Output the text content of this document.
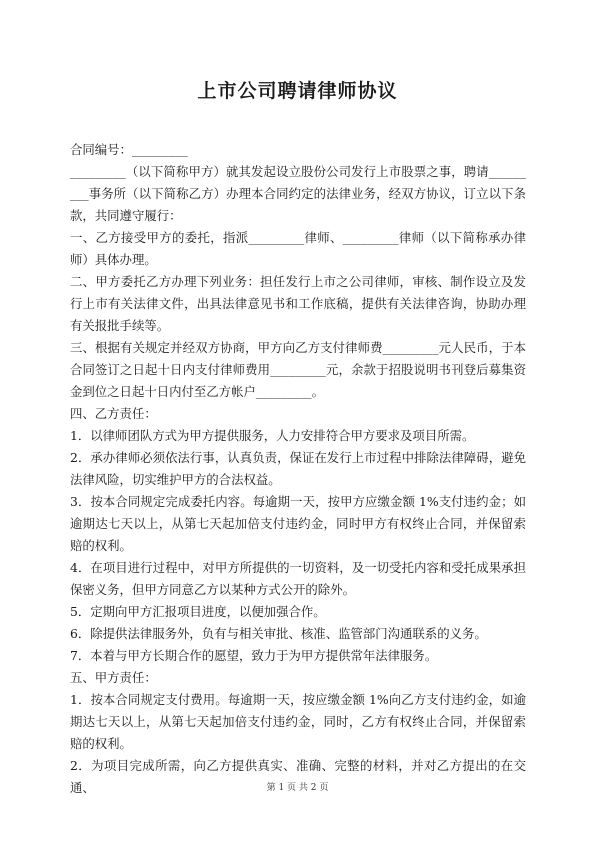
上市公司聘请律师协议

合同编号：_________

_________（以下简称甲方）就其发起设立股份公司发行上市股票之事，聘请_________事务所（以下简称乙方）办理本合同约定的法律业务，经双方协议，订立以下条款，共同遵守履行：

一、乙方接受甲方的委托，指派_________律师、_________律师（以下简称承办律师）具体办理。

二、甲方委托乙方办理下列业务：担任发行上市之公司律师，审核、制作设立及发行上市有关法律文件，出具法律意见书和工作底稿，提供有关法律咨询，协助办理有关报批手续等。

三、根据有关规定并经双方协商，甲方向乙方支付律师费_________元人民币，于本合同签订之日起十日内支付律师费用_________元，余款于招股说明书刊登后募集资金到位之日起十日内付至乙方帐户_________。

四、乙方责任：

1．以律师团队方式为甲方提供服务，人力安排符合甲方要求及项目所需。

2．承办律师必须依法行事，认真负责，保证在发行上市过程中排除法律障碍，避免法律风险，切实维护甲方的合法权益。

3．按本合同规定完成委托内容。每逾期一天，按甲方应缴金额 1%支付违约金；如逾期达七天以上，从第七天起加倍支付违约金，同时甲方有权终止合同，并保留索赔的权利。

4．在项目进行过程中，对甲方所提供的一切资料，及一切受托内容和受托成果承担保密义务，但甲方同意乙方以某种方式公开的除外。

5．定期向甲方汇报项目进度，以便加强合作。

6．除提供法律服务外，负有与相关审批、核准、监管部门沟通联系的义务。

7．本着与甲方长期合作的愿望，致力于为甲方提供常年法律服务。

五、甲方责任：

1．按本合同规定支付费用。每逾期一天，按应缴金额 1%向乙方支付违约金，如逾期达七天以上，从第七天起加倍支付违约金，同时，乙方有权终止合同，并保留索赔的权利。

2．为项目完成所需，向乙方提供真实、准确、完整的材料，并对乙方提出的在交通、	第 1 页 共 2 页
